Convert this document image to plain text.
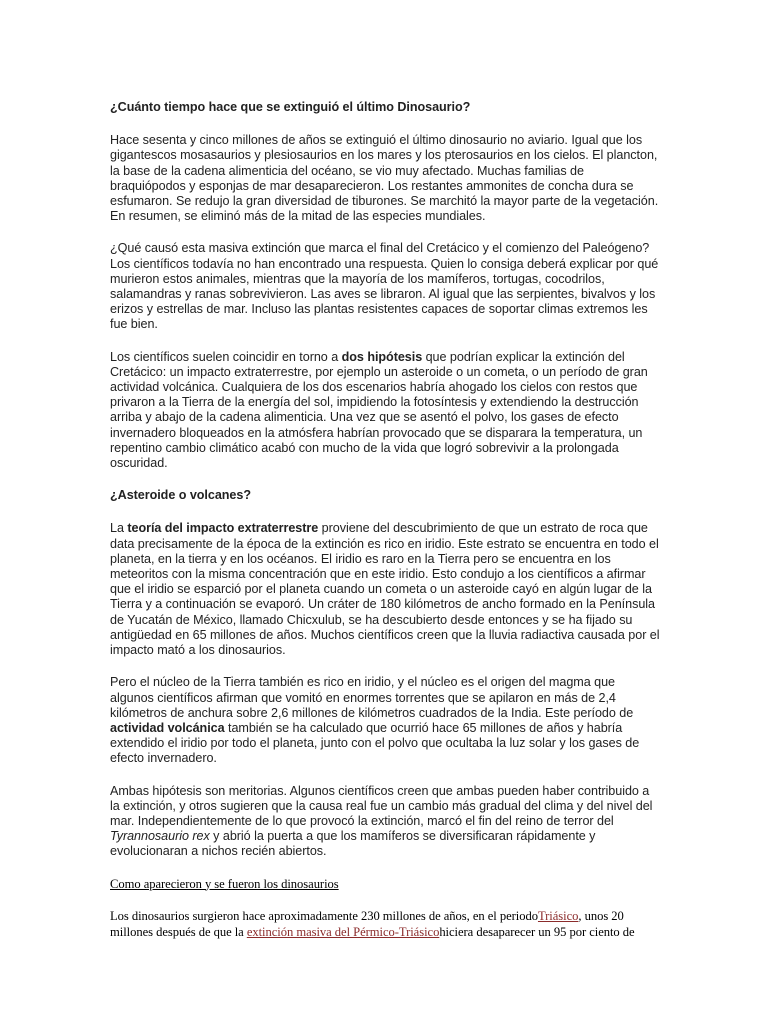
¿Cuánto tiempo hace que se extinguió el último Dinosaurio?

Hace sesenta y cinco millones de años se extinguió el último dinosaurio no aviario. Igual que los gigantescos mosasaurios y plesiosaurios en los mares y los pterosaurios en los cielos. El plancton, la base de la cadena alimenticia del océano, se vio muy afectado. Muchas familias de braquiópodos y esponjas de mar desaparecieron. Los restantes ammonites de concha dura se esfumaron. Se redujo la gran diversidad de tiburones. Se marchitó la mayor parte de la vegetación. En resumen, se eliminó más de la mitad de las especies mundiales.

¿Qué causó esta masiva extinción que marca el final del Cretácico y el comienzo del Paleógeno? Los científicos todavía no han encontrado una respuesta. Quien lo consiga deberá explicar por qué murieron estos animales, mientras que la mayoría de los mamíferos, tortugas, cocodrilos, salamandras y ranas sobrevivieron. Las aves se libraron. Al igual que las serpientes, bivalvos y los erizos y estrellas de mar. Incluso las plantas resistentes capaces de soportar climas extremos les fue bien.

Los científicos suelen coincidir en torno a dos hipótesis que podrían explicar la extinción del Cretácico: un impacto extraterrestre, por ejemplo un asteroide o un cometa, o un período de gran actividad volcánica. Cualquiera de los dos escenarios habría ahogado los cielos con restos que privaron a la Tierra de la energía del sol, impidiendo la fotosíntesis y extendiendo la destrucción arriba y abajo de la cadena alimenticia. Una vez que se asentó el polvo, los gases de efecto invernadero bloqueados en la atmósfera habrían provocado que se disparara la temperatura, un repentino cambio climático acabó con mucho de la vida que logró sobrevivir a la prolongada oscuridad.

¿Asteroide o volcanes?

La teoría del impacto extraterrestre proviene del descubrimiento de que un estrato de roca que data precisamente de la época de la extinción es rico en iridio. Este estrato se encuentra en todo el planeta, en la tierra y en los océanos. El iridio es raro en la Tierra pero se encuentra en los meteoritos con la misma concentración que en este iridio. Esto condujo a los científicos a afirmar que el iridio se esparció por el planeta cuando un cometa o un asteroide cayó en algún lugar de la Tierra y a continuación se evaporó. Un cráter de 180 kilómetros de ancho formado en la Península de Yucatán de México, llamado Chicxulub, se ha descubierto desde entonces y se ha fijado su antigüedad en 65 millones de años. Muchos científicos creen que la lluvia radiactiva causada por el impacto mató a los dinosaurios.

Pero el núcleo de la Tierra también es rico en iridio, y el núcleo es el origen del magma que algunos científicos afirman que vomitó en enormes torrentes que se apilaron en más de 2,4 kilómetros de anchura sobre 2,6 millones de kilómetros cuadrados de la India. Este período de actividad volcánica también se ha calculado que ocurrió hace 65 millones de años y habría extendido el iridio por todo el planeta, junto con el polvo que ocultaba la luz solar y los gases de efecto invernadero.

Ambas hipótesis son meritorias. Algunos científicos creen que ambas pueden haber contribuido a la extinción, y otros sugieren que la causa real fue un cambio más gradual del clima y del nivel del mar. Independientemente de lo que provocó la extinción, marcó el fin del reino de terror del Tyrannosaurio rex y abrió la puerta a que los mamíferos se diversificaran rápidamente y evolucionaran a nichos recién abiertos.

Como aparecieron y se fueron los dinosaurios

Los dinosaurios surgieron hace aproximadamente 230 millones de años, en el periodoTriásico, unos 20 millones después de que la extinción masiva del Pérmico-Triásicohiciera desaparecer un 95 por ciento de
